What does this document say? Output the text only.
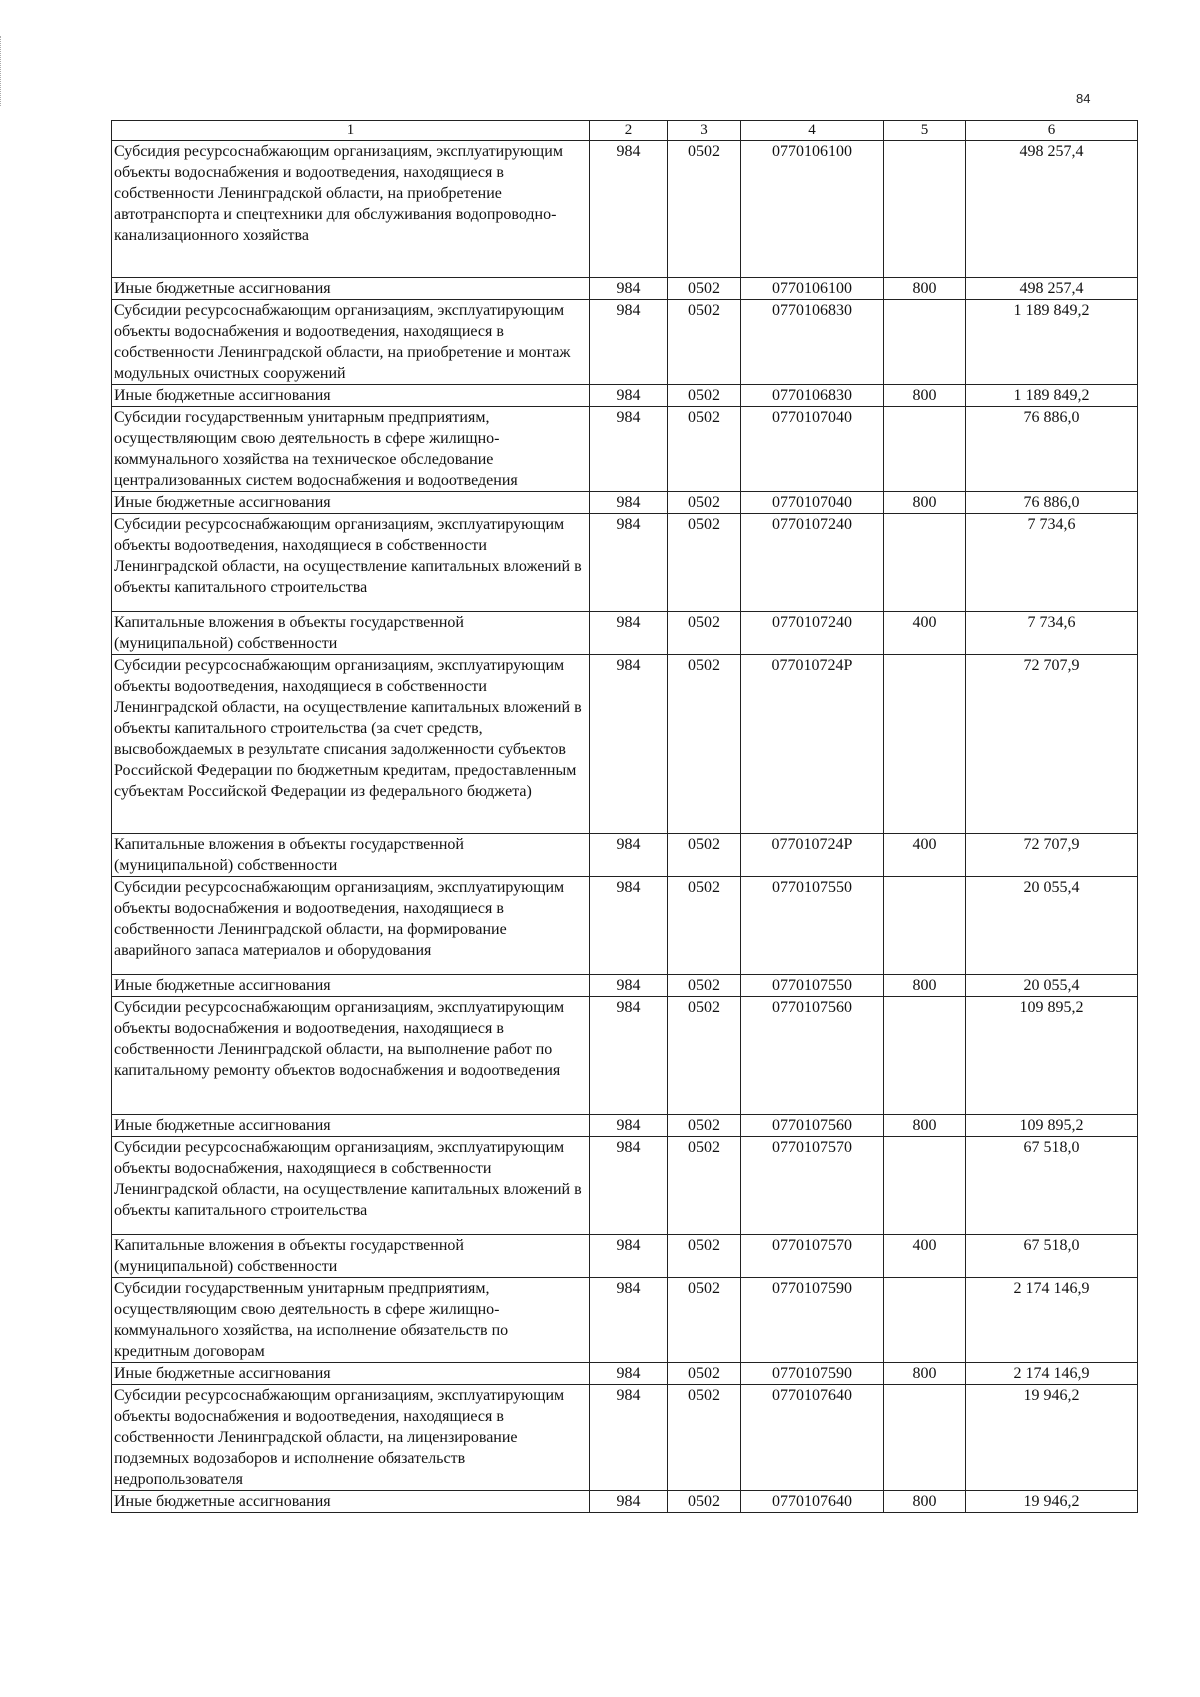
84
1	2	3	4	5	6
Субсидия ресурсоснабжающим организациям, эксплуатирующим объекты водоснабжения и водоотведения, находящиеся в собственности Ленинградской области, на приобретение автотранспорта и спецтехники для обслуживания водопроводно-канализационного хозяйства	984	0502	0770106100		498 257,4
Иные бюджетные ассигнования	984	0502	0770106100	800	498 257,4
Субсидии ресурсоснабжающим организациям, эксплуатирующим объекты водоснабжения и водоотведения, находящиеся в собственности Ленинградской области, на приобретение и монтаж модульных очистных сооружений	984	0502	0770106830		1 189 849,2
Иные бюджетные ассигнования	984	0502	0770106830	800	1 189 849,2
Субсидии государственным унитарным предприятиям, осуществляющим свою деятельность в сфере жилищно-коммунального хозяйства на техническое обследование централизованных систем водоснабжения и водоотведения	984	0502	0770107040		76 886,0
Иные бюджетные ассигнования	984	0502	0770107040	800	76 886,0
Субсидии ресурсоснабжающим организациям, эксплуатирующим объекты водоотведения, находящиеся в собственности Ленинградской области, на осуществление капитальных вложений в объекты капитального строительства	984	0502	0770107240		7 734,6
Капитальные вложения в объекты государственной (муниципальной) собственности	984	0502	0770107240	400	7 734,6
Субсидии ресурсоснабжающим организациям, эксплуатирующим объекты водоотведения, находящиеся в собственности Ленинградской области, на осуществление капитальных вложений в объекты капитального строительства (за счет средств, высвобождаемых в результате списания задолженности субъектов Российской Федерации по бюджетным кредитам, предоставленным субъектам Российской Федерации из федерального бюджета)	984	0502	077010724P		72 707,9
Капитальные вложения в объекты государственной (муниципальной) собственности	984	0502	077010724P	400	72 707,9
Субсидии ресурсоснабжающим организациям, эксплуатирующим объекты водоснабжения и водоотведения, находящиеся в собственности Ленинградской области, на формирование аварийного запаса материалов и оборудования	984	0502	0770107550		20 055,4
Иные бюджетные ассигнования	984	0502	0770107550	800	20 055,4
Субсидии ресурсоснабжающим организациям, эксплуатирующим объекты водоснабжения и водоотведения, находящиеся в собственности Ленинградской области, на выполнение работ по капитальному ремонту объектов водоснабжения и водоотведения	984	0502	0770107560		109 895,2
Иные бюджетные ассигнования	984	0502	0770107560	800	109 895,2
Субсидии ресурсоснабжающим организациям, эксплуатирующим объекты водоснабжения, находящиеся в собственности Ленинградской области, на осуществление капитальных вложений в объекты капитального строительства	984	0502	0770107570		67 518,0
Капитальные вложения в объекты государственной (муниципальной) собственности	984	0502	0770107570	400	67 518,0
Субсидии государственным унитарным предприятиям, осуществляющим свою деятельность в сфере жилищно-коммунального хозяйства, на исполнение обязательств по кредитным договорам	984	0502	0770107590		2 174 146,9
Иные бюджетные ассигнования	984	0502	0770107590	800	2 174 146,9
Субсидии ресурсоснабжающим организациям, эксплуатирующим объекты водоснабжения и водоотведения, находящиеся в собственности Ленинградской области, на лицензирование подземных водозаборов и исполнение обязательств недропользователя	984	0502	0770107640		19 946,2
Иные бюджетные ассигнования	984	0502	0770107640	800	19 946,2
